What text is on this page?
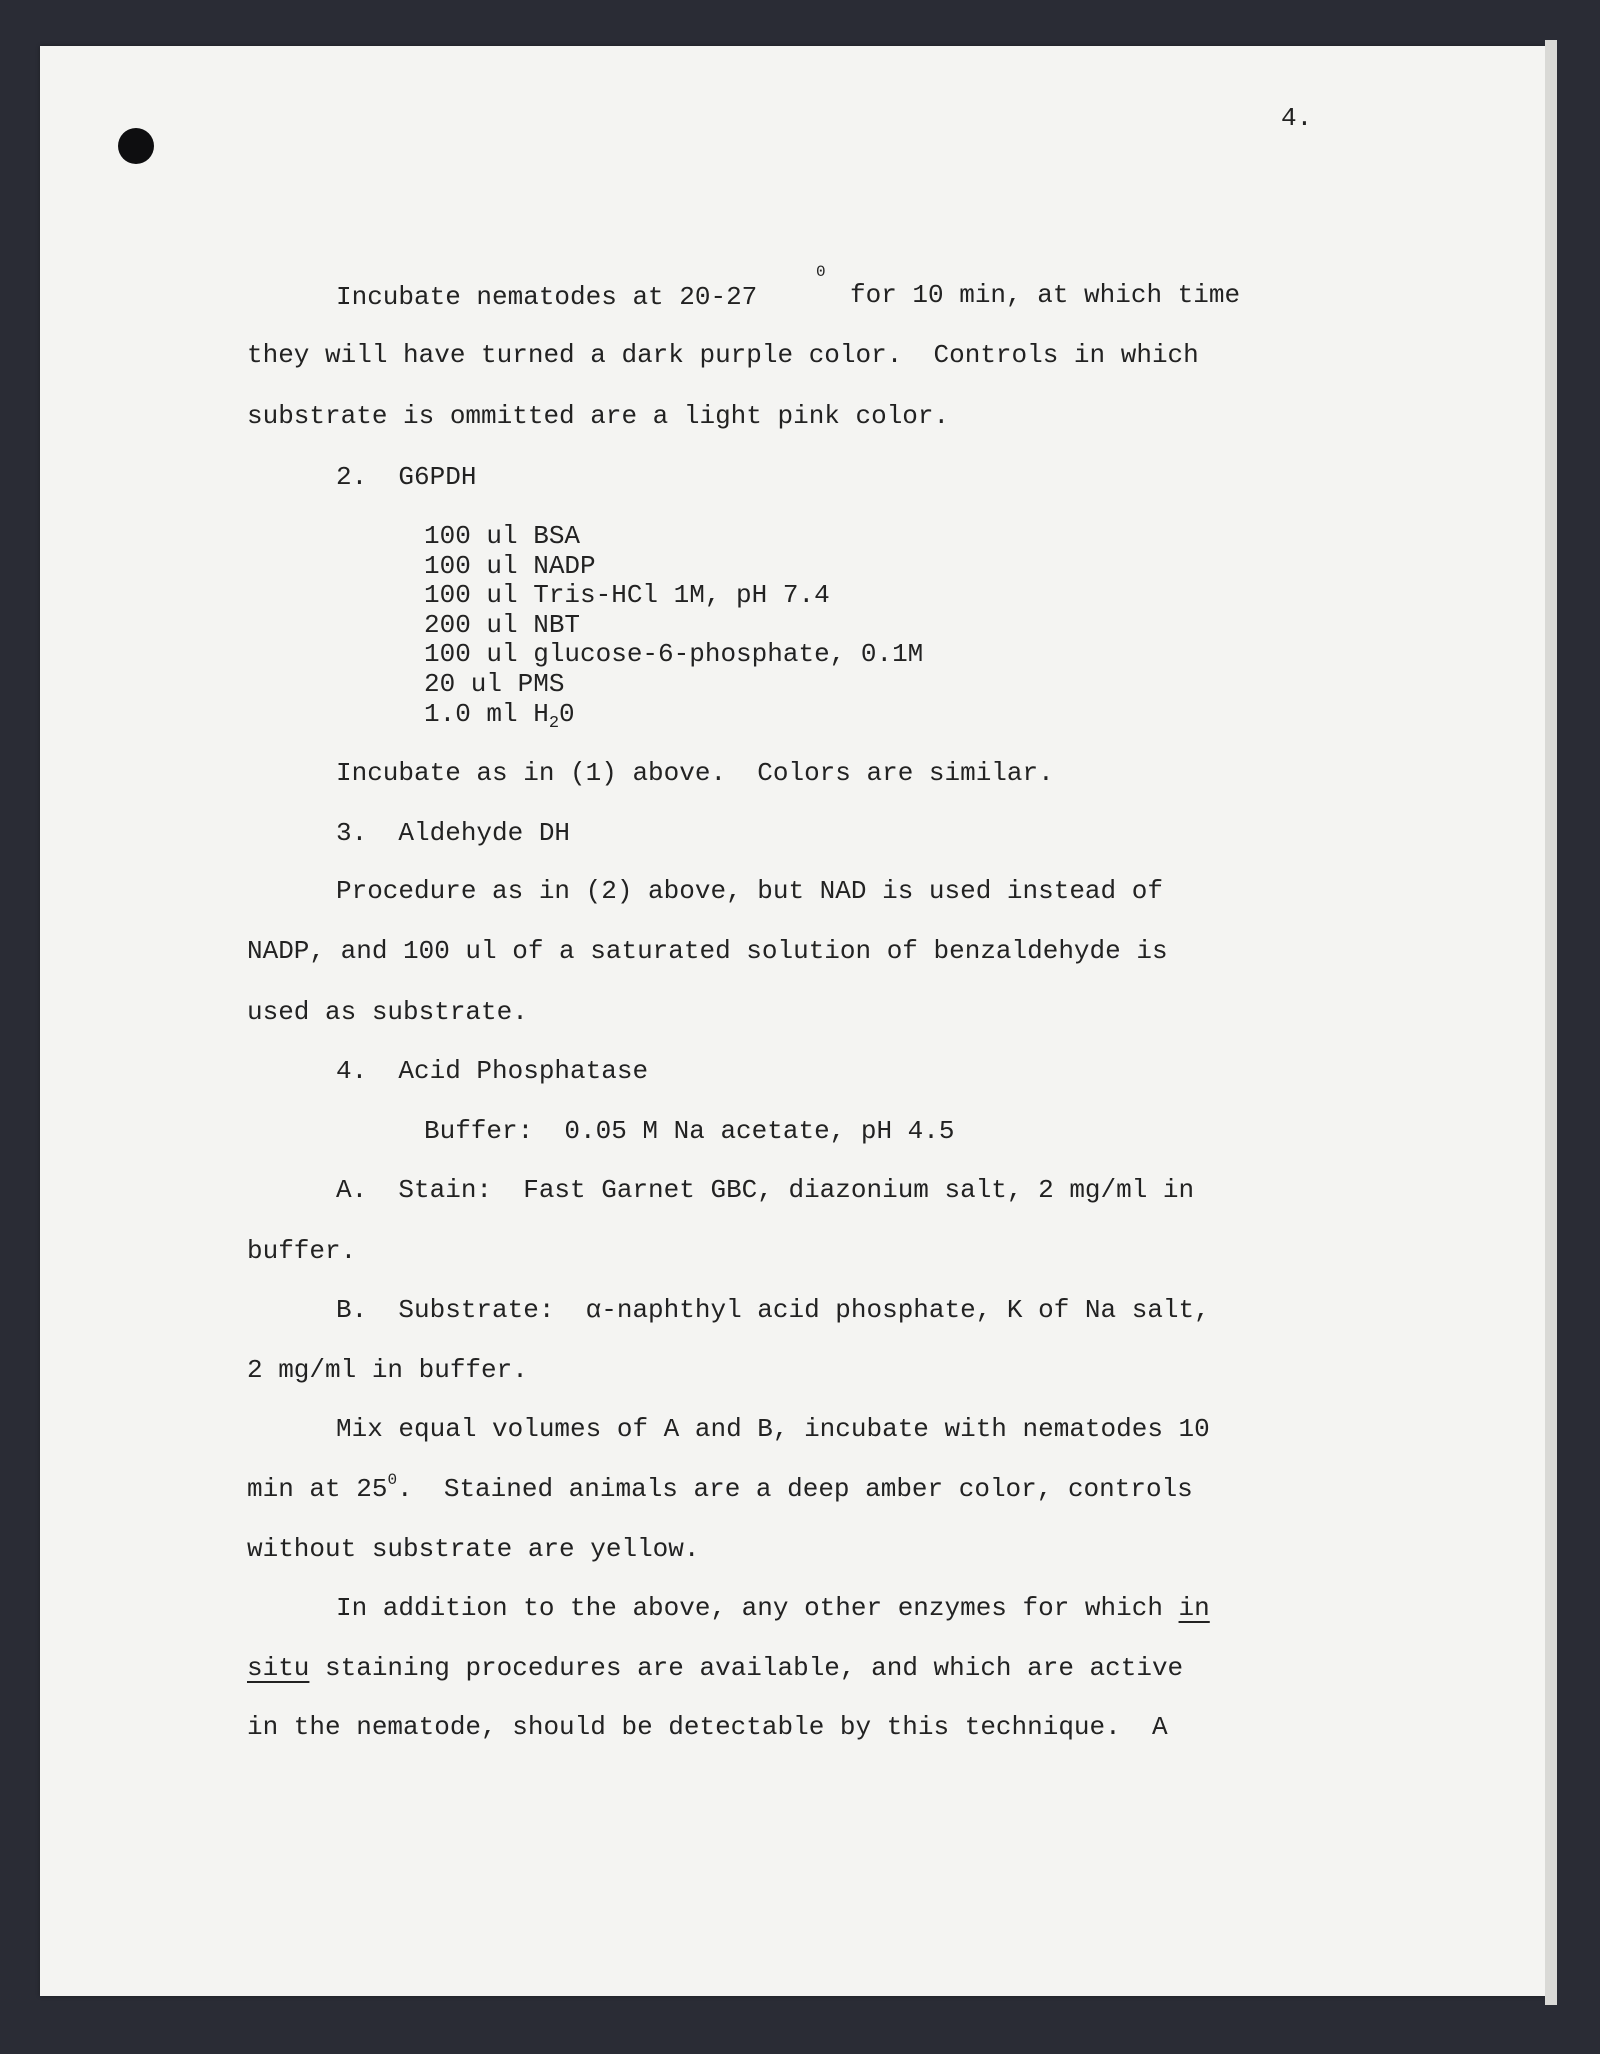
4.
Incubate nematodes at 20-27
0
for 10 min, at which time
they will have turned a dark purple color.  Controls in which
substrate is ommitted are a light pink color.
2.  G6PDH
100 ul BSA
100 ul NADP
100 ul Tris-HCl 1M, pH 7.4
200 ul NBT
100 ul glucose-6-phosphate, 0.1M
20 ul PMS
1.0 ml $H_20$
Incubate as in (1) above.  Colors are similar.
3.  Aldehyde DH
Procedure as in (2) above, but NAD is used instead of
NADP, and 100 ul of a saturated solution of benzaldehyde is
used as substrate.
4.  Acid Phosphatase
Buffer:  0.05 M Na acetate, pH 4.5
A.  Stain:  Fast Garnet GBC, diazonium salt, 2 mg/ml in
buffer.
B.  Substrate:  α-naphthyl acid phosphate, K of Na salt,
2 mg/ml in buffer.
Mix equal volumes of A and B, incubate with nematodes 10
min at $25^0$.  Stained animals are a deep amber color, controls
without substrate are yellow.
In addition to the above, any other enzymes for which in
situ staining procedures are available, and which are active
in the nematode, should be detectable by this technique.  A
